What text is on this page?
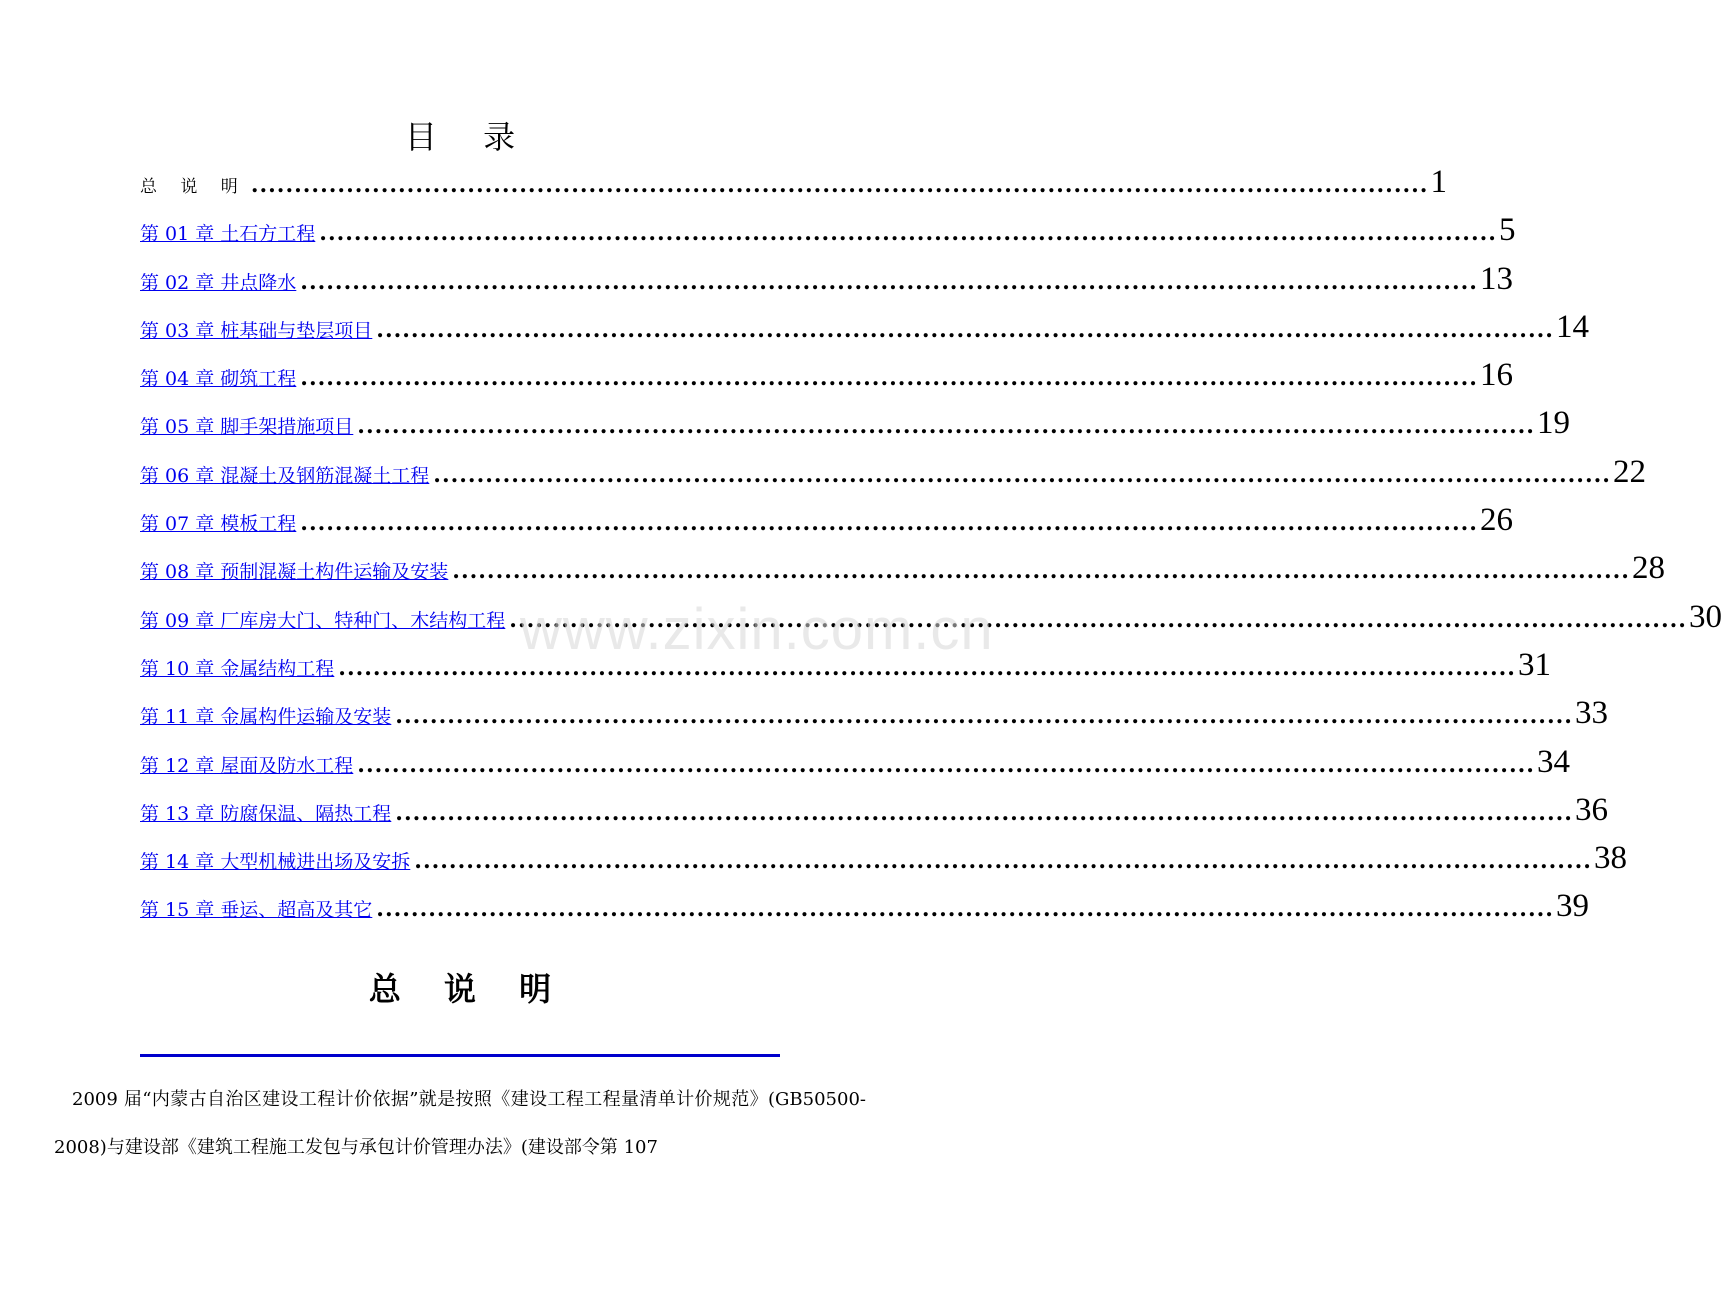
目 录
总 说 明 .....	1
第 01 章 土石方工程 .....	5
第 02 章 井点降水 .....	13
第 03 章 桩基础与垫层项目 .....	14
第 04 章 砌筑工程 .....	16
第 05 章 脚手架措施项目 .....	19
第 06 章 混凝土及钢筋混凝土工程 .....	22
第 07 章 模板工程 .....	26
第 08 章 预制混凝土构件运输及安装 .....	28
第 09 章 厂库房大门、特种门、木结构工程 .....	30
第 10 章 金属结构工程 .....	31
第 11 章 金属构件运输及安装 .....	33
第 12 章 屋面及防水工程 .....	34
第 13 章 防腐保温、隔热工程 .....	36
第 14 章 大型机械进出场及安拆 .....	38
第 15 章 垂运、超高及其它 .....	39
www.zixin.com.cn
总 说 明

2009 届“内蒙古自治区建设工程计价依据”就是按照《建设工程工程量清单计价规范》(GB50500-2008)与建设部《建筑工程施工发包与承包计价管理办法》(建设部令第 107
